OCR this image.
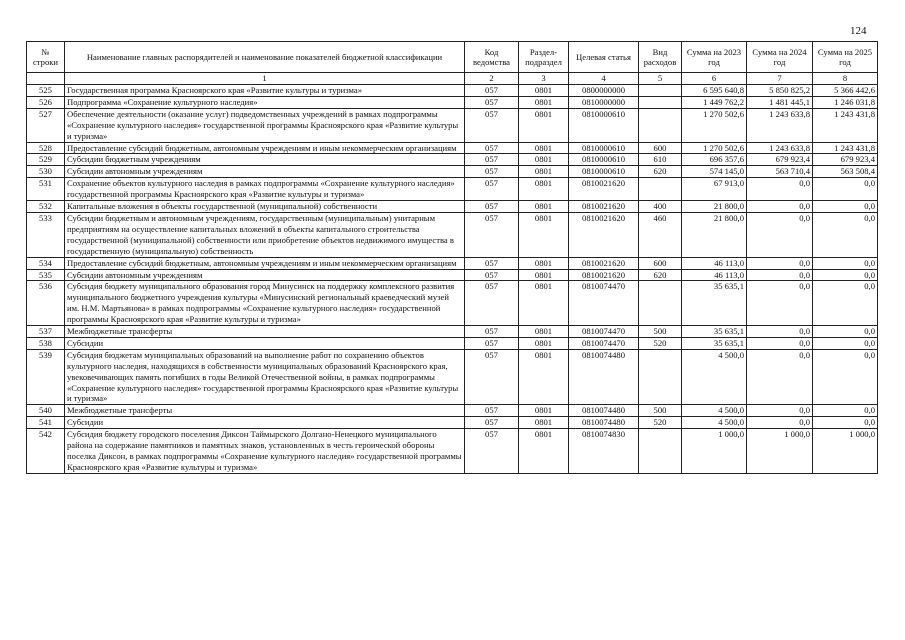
124
№ строки	Наименование главных распорядителей и наименование показателей бюджетной классификации	Код ведомства	Раздел-подраздел	Целевая статья	Вид расходов	Сумма на 2023 год	Сумма на 2024 год	Сумма на 2025 год
	1	2	3	4	5	6	7	8
525	Государственная программа Красноярского края «Развитие культуры и туризма»	057	0801	0800000000		6 595 640,8	5 850 825,2	5 366 442,6
526	Подпрограмма «Сохранение культурного наследия»	057	0801	0810000000		1 449 762,2	1 481 445,1	1 246 031,8
527	Обеспечение деятельности (оказание услуг) подведомственных учреждений в рамках подпрограммы «Сохранение культурного наследия» государственной программы Красноярского края «Развитие культуры и туризма»	057	0801	0810000610		1 270 502,6	1 243 633,8	1 243 431,8
528	Предоставление субсидий бюджетным, автономным учреждениям и иным некоммерческим организациям	057	0801	0810000610	600	1 270 502,6	1 243 633,8	1 243 431,8
529	Субсидии бюджетным учреждениям	057	0801	0810000610	610	696 357,6	679 923,4	679 923,4
530	Субсидии автономным учреждениям	057	0801	0810000610	620	574 145,0	563 710,4	563 508,4
531	Сохранение объектов культурного наследия в рамках подпрограммы «Сохранение культурного наследия» государственной программы Красноярского края «Развитие культуры и туризма»	057	0801	0810021620		67 913,0	0,0	0,0
532	Капитальные вложения в объекты государственной (муниципальной) собственности	057	0801	0810021620	400	21 800,0	0,0	0,0
533	Субсидии бюджетным и автономным учреждениям, государственным (муниципальным) унитарным предприятиям на осуществление капитальных вложений в объекты капитального строительства государственной (муниципальной) собственности или приобретение объектов недвижимого имущества в государственную (муниципальную) собственность	057	0801	0810021620	460	21 800,0	0,0	0,0
534	Предоставление субсидий бюджетным, автономным учреждениям и иным некоммерческим организациям	057	0801	0810021620	600	46 113,0	0,0	0,0
535	Субсидии автономным учреждениям	057	0801	0810021620	620	46 113,0	0,0	0,0
536	Субсидия бюджету муниципального образования город Минусинск на поддержку комплексного развития муниципального бюджетного учреждения культуры «Минусинский региональный краеведческий музей им. Н.М. Мартьянова» в рамках подпрограммы «Сохранение культурного наследия» государственной программы Красноярского края «Развитие культуры и туризма»	057	0801	0810074470		35 635,1	0,0	0,0
537	Межбюджетные трансферты	057	0801	0810074470	500	35 635,1	0,0	0,0
538	Субсидии	057	0801	0810074470	520	35 635,1	0,0	0,0
539	Субсидия бюджетам муниципальных образований на выполнение работ по сохранению объектов культурного наследия, находящихся в собственности муниципальных образований Красноярского края, увековечивающих память погибших в годы Великой Отечественной войны, в рамках подпрограммы «Сохранение культурного наследия» государственной программы Красноярского края «Развитие культуры и туризма»	057	0801	0810074480		4 500,0	0,0	0,0
540	Межбюджетные трансферты	057	0801	0810074480	500	4 500,0	0,0	0,0
541	Субсидии	057	0801	0810074480	520	4 500,0	0,0	0,0
542	Субсидия бюджету городского поселения Диксон Таймырского Долгано-Ненецкого муниципального района на содержание памятников и памятных знаков, установленных в честь героической обороны поселка Диксон, в рамках подпрограммы «Сохранение культурного наследия» государственной программы Красноярского края «Развитие культуры и туризма»	057	0801	0810074830		1 000,0	1 000,0	1 000,0
